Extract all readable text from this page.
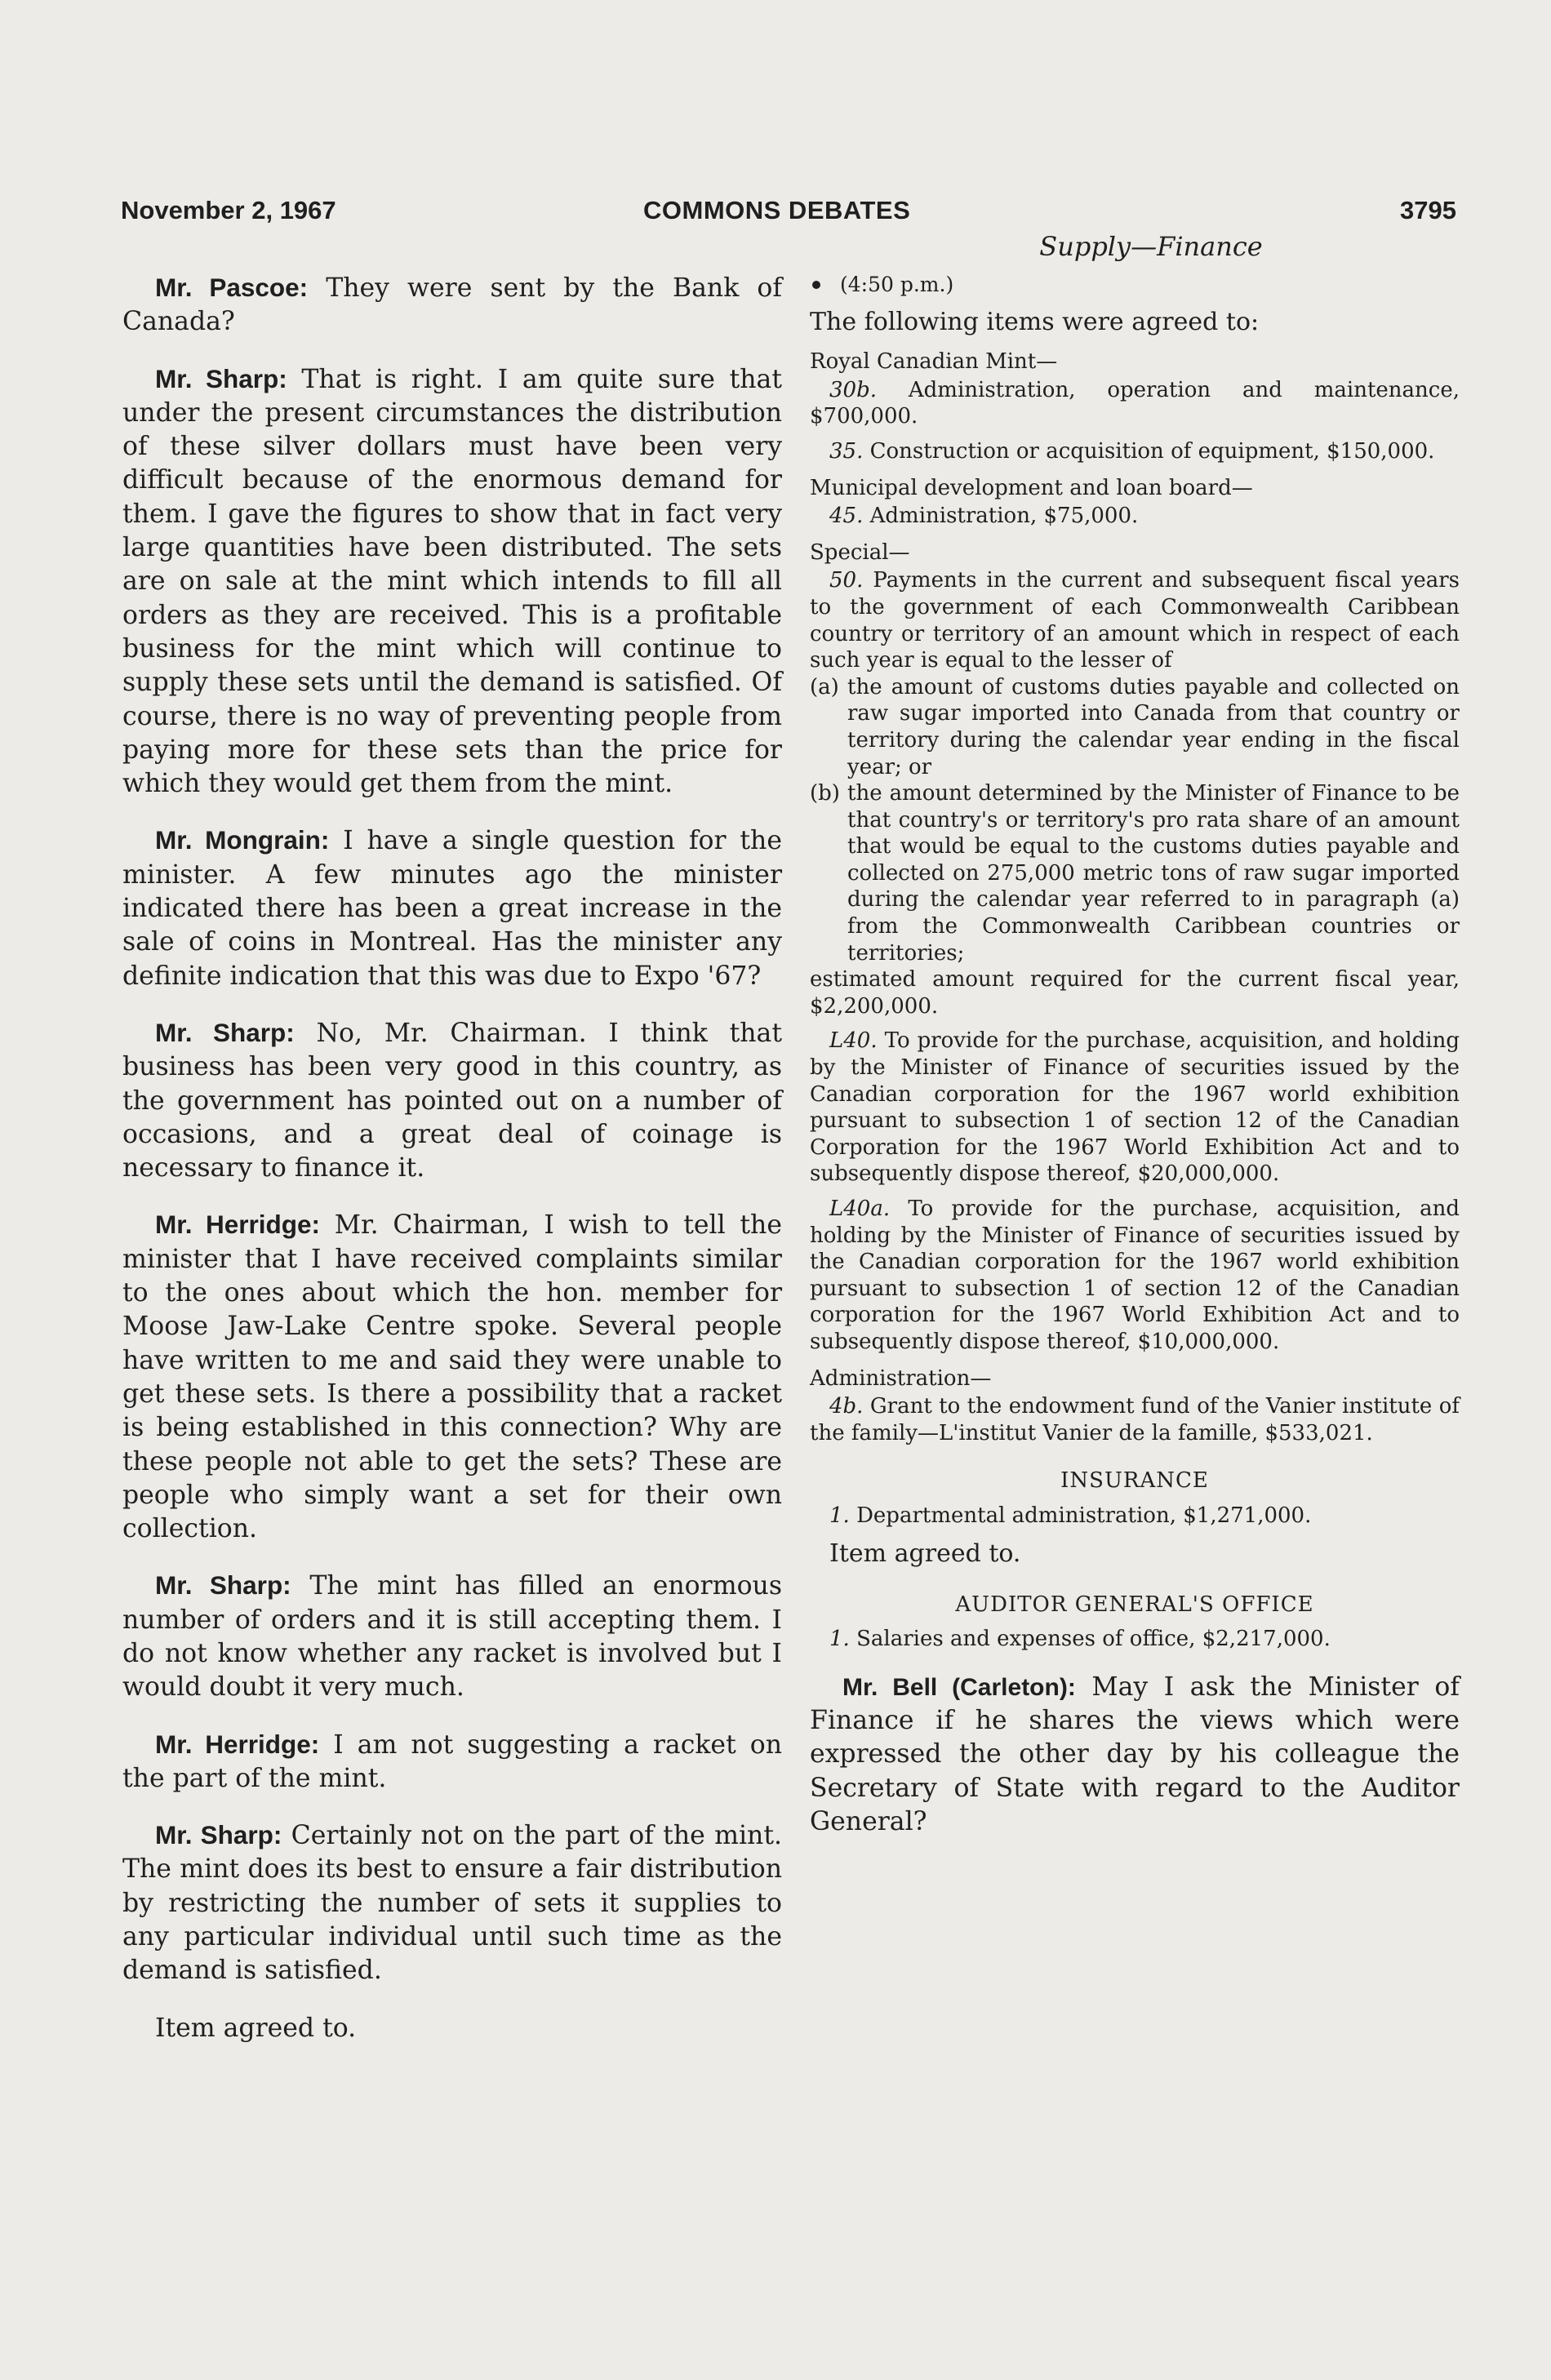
November 2, 1967	COMMONS DEBATES	3795

Mr. Pascoe: They were sent by the Bank of Canada?

Mr. Sharp: That is right. I am quite sure that under the present circumstances the distribution of these silver dollars must have been very difficult because of the enormous demand for them. I gave the figures to show that in fact very large quantities have been distributed. The sets are on sale at the mint which intends to fill all orders as they are received. This is a profitable business for the mint which will continue to supply these sets until the demand is satisfied. Of course, there is no way of preventing people from paying more for these sets than the price for which they would get them from the mint.

Mr. Mongrain: I have a single question for the minister. A few minutes ago the minister indicated there has been a great increase in the sale of coins in Montreal. Has the minister any definite indication that this was due to Expo '67?

Mr. Sharp: No, Mr. Chairman. I think that business has been very good in this country, as the government has pointed out on a number of occasions, and a great deal of coinage is necessary to finance it.

Mr. Herridge: Mr. Chairman, I wish to tell the minister that I have received complaints similar to the ones about which the hon. member for Moose Jaw-Lake Centre spoke. Several people have written to me and said they were unable to get these sets. Is there a possibility that a racket is being established in this connection? Why are these people not able to get the sets? These are people who simply want a set for their own collection.

Mr. Sharp: The mint has filled an enormous number of orders and it is still accepting them. I do not know whether any racket is involved but I would doubt it very much.

Mr. Herridge: I am not suggesting a racket on the part of the mint.

Mr. Sharp: Certainly not on the part of the mint. The mint does its best to ensure a fair distribution by restricting the number of sets it supplies to any particular individual until such time as the demand is satisfied.

Item agreed to.

Supply—Finance
(4:50 p.m.)
The following items were agreed to:
Royal Canadian Mint—
30b. Administration, operation and maintenance, $700,000.
35. Construction or acquisition of equipment, $150,000.
Municipal development and loan board—
45. Administration, $75,000.
Special—
50. Payments in the current and subsequent fiscal years to the government of each Commonwealth Caribbean country or territory of an amount which in respect of each such year is equal to the lesser of
(a) the amount of customs duties payable and collected on raw sugar imported into Canada from that country or territory during the calendar year ending in the fiscal year; or
(b) the amount determined by the Minister of Finance to be that country's or territory's pro rata share of an amount that would be equal to the customs duties payable and collected on 275,000 metric tons of raw sugar imported during the calendar year referred to in paragraph (a) from the Commonwealth Caribbean countries or territories;
estimated amount required for the current fiscal year, $2,200,000.
L40. To provide for the purchase, acquisition, and holding by the Minister of Finance of securities issued by the Canadian corporation for the 1967 world exhibition pursuant to subsection 1 of section 12 of the Canadian Corporation for the 1967 World Exhibition Act and to subsequently dispose thereof, $20,000,000.
L40a. To provide for the purchase, acquisition, and holding by the Minister of Finance of securities issued by the Canadian corporation for the 1967 world exhibition pursuant to subsection 1 of section 12 of the Canadian corporation for the 1967 World Exhibition Act and to subsequently dispose thereof, $10,000,000.
Administration—
4b. Grant to the endowment fund of the Vanier institute of the family—L'institut Vanier de la famille, $533,021.
INSURANCE
1. Departmental administration, $1,271,000.
Item agreed to.
AUDITOR GENERAL'S OFFICE
1. Salaries and expenses of office, $2,217,000.

Mr. Bell (Carleton): May I ask the Minister of Finance if he shares the views which were expressed the other day by his colleague the Secretary of State with regard to the Auditor General?
